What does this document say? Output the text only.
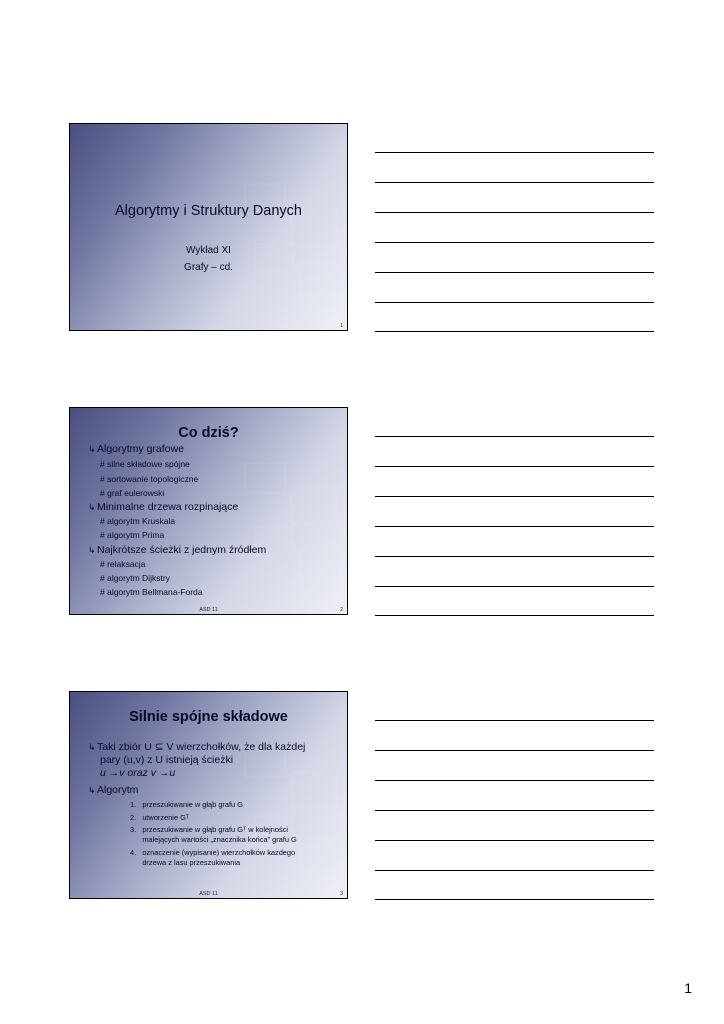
Algorytmy i Struktury Danych
Wykład XI
Grafy – cd.
1
Co dziś?
↳Algorytmy grafowe
# silne składowe spójne
# sortowanie topologiczne
# graf eulerowski
↳Minimalne drzewa rozpinające
# algorytm Kruskala
# algorytm Prima
↳Najkrótsze ścieżki z jednym źródłem
# relaksacja
# algorytm Dijkstry
# algorytm Bellmana-Forda
ASD 11	2
Silnie spójne składowe
↳Taki zbiór U ⊆ V wierzchołków, że dla każdej
pary (u,v) z U istnieją ścieżki
u →v oraz v →u
↳Algorytm
1.   przeszukiwanie w głąb grafu G
2.   utworzenie Gᵀ
3.   przeszukiwanie w głąb grafu Gᵀ w kolejności
malejących wartości „znacznika końca” grafu G
4.   oznaczenie (wypisanie) wierzchołków każdego
drzewa z lasu przeszukiwania
ASD 11	3
1
